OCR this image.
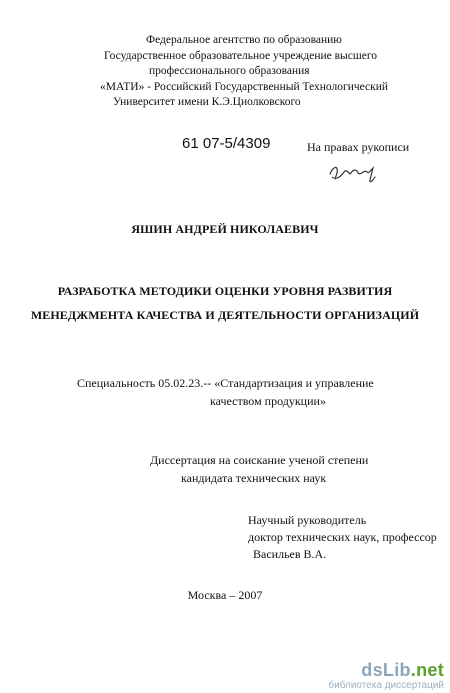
Федеральное агентство по образованию
Государственное образовательное учреждение высшего
профессионального образования
«МАТИ» - Российский Государственный Технологический
Университет имени К.Э.Циолковского
61 07-5/4309	На правах рукописи
ЯШИН АНДРЕЙ НИКОЛАЕВИЧ
РАЗРАБОТКА МЕТОДИКИ ОЦЕНКИ УРОВНЯ РАЗВИТИЯ
МЕНЕДЖМЕНТА КАЧЕСТВА И ДЕЯТЕЛЬНОСТИ ОРГАНИЗАЦИЙ
Специальность 05.02.23.-- «Стандартизация и управление
качеством продукции»
Диссертация на соискание ученой степени
кандидата технических наук
Научный руководитель
доктор технических наук, профессор
Васильев В.А.
Москва – 2007
dsLib.net
библиотека диссертаций
